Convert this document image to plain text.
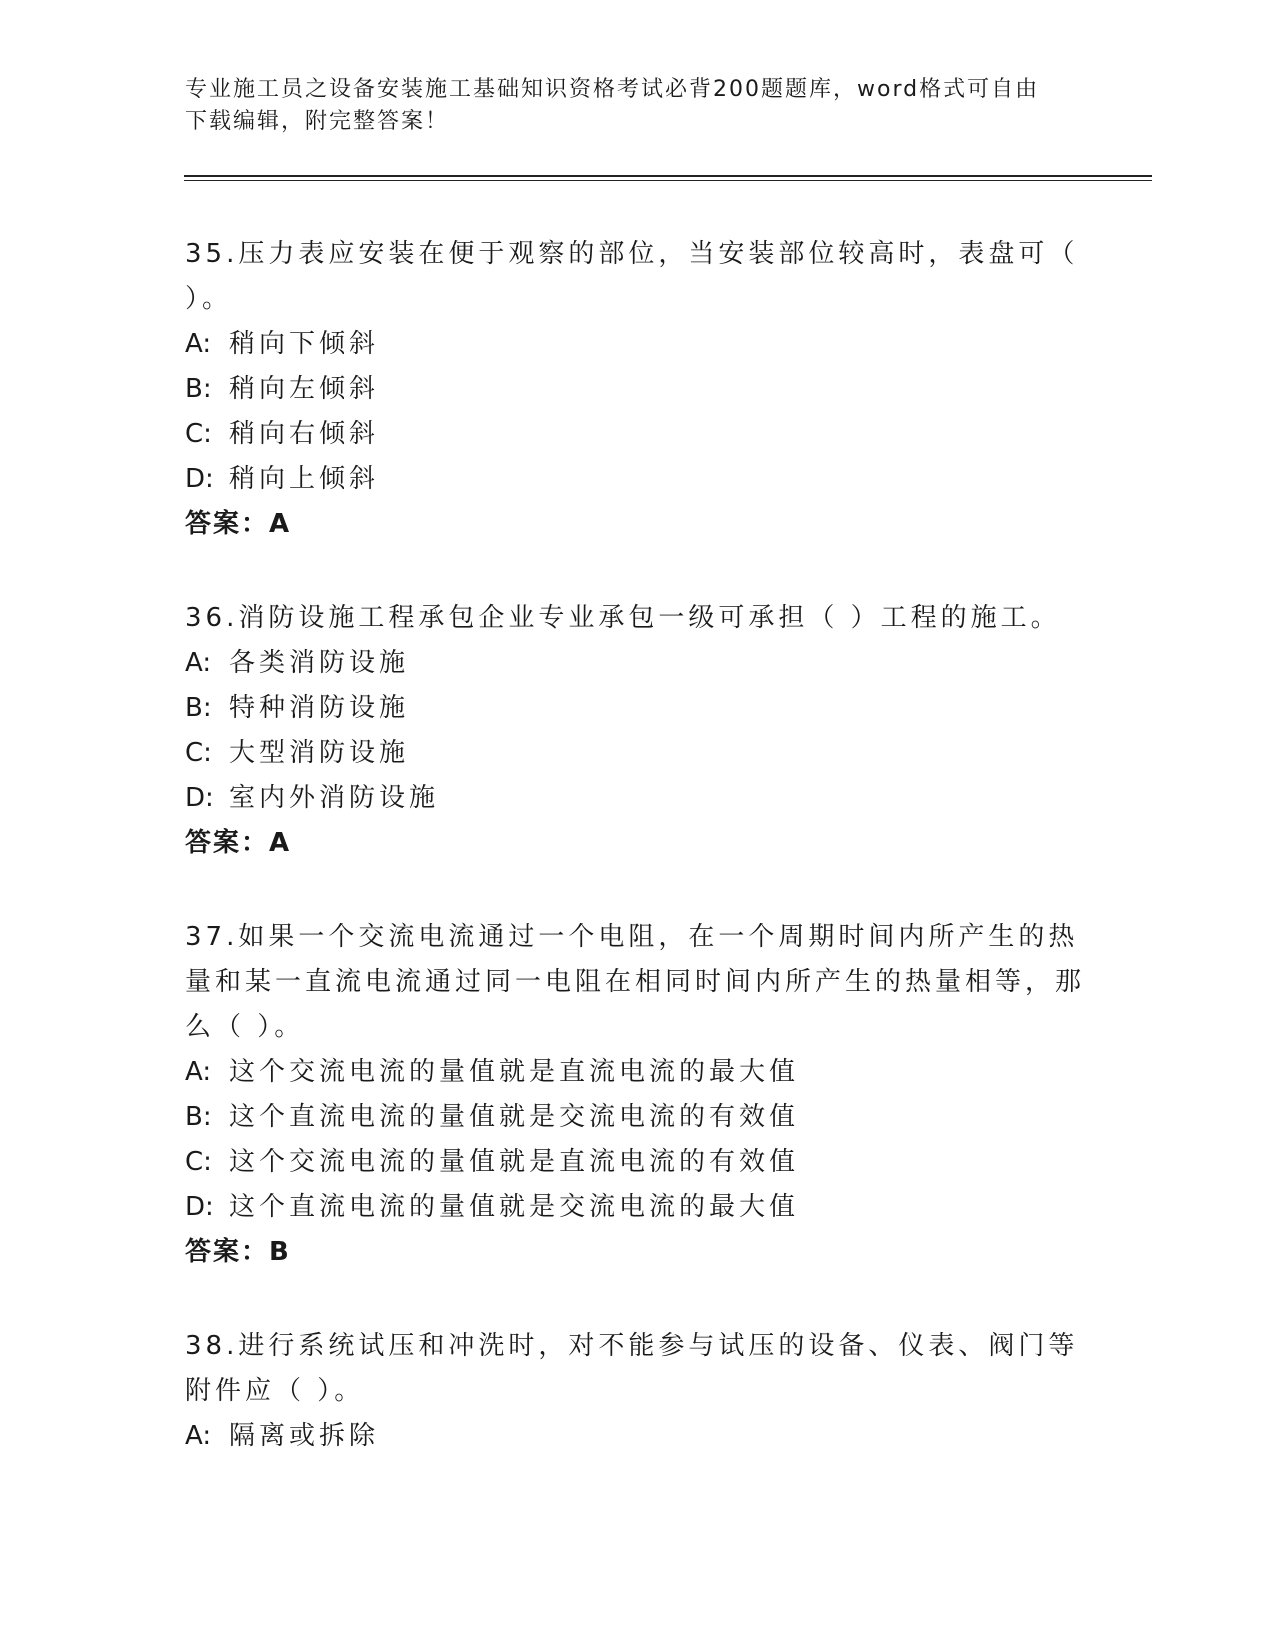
专业施工员之设备安装施工基础知识资格考试必背200题题库，word格式可自由
下载编辑，附完整答案！

35.压力表应安装在便于观察的部位，当安装部位较高时，表盘可（ ）。

A: 稍向下倾斜

B: 稍向左倾斜

C: 稍向右倾斜

D: 稍向上倾斜

答案：A

36.消防设施工程承包企业专业承包一级可承担（ ）工程的施工。

A: 各类消防设施

B: 特种消防设施

C: 大型消防设施

D: 室内外消防设施

答案：A

37.如果一个交流电流通过一个电阻，在一个周期时间内所产生的热量和某一直流电流通过同一电阻在相同时间内所产生的热量相等，那么（ ）。

A: 这个交流电流的量值就是直流电流的最大值

B: 这个直流电流的量值就是交流电流的有效值

C: 这个交流电流的量值就是直流电流的有效值

D: 这个直流电流的量值就是交流电流的最大值

答案：B

38.进行系统试压和冲洗时，对不能参与试压的设备、仪表、阀门等附件应（ ）。

A: 隔离或拆除
